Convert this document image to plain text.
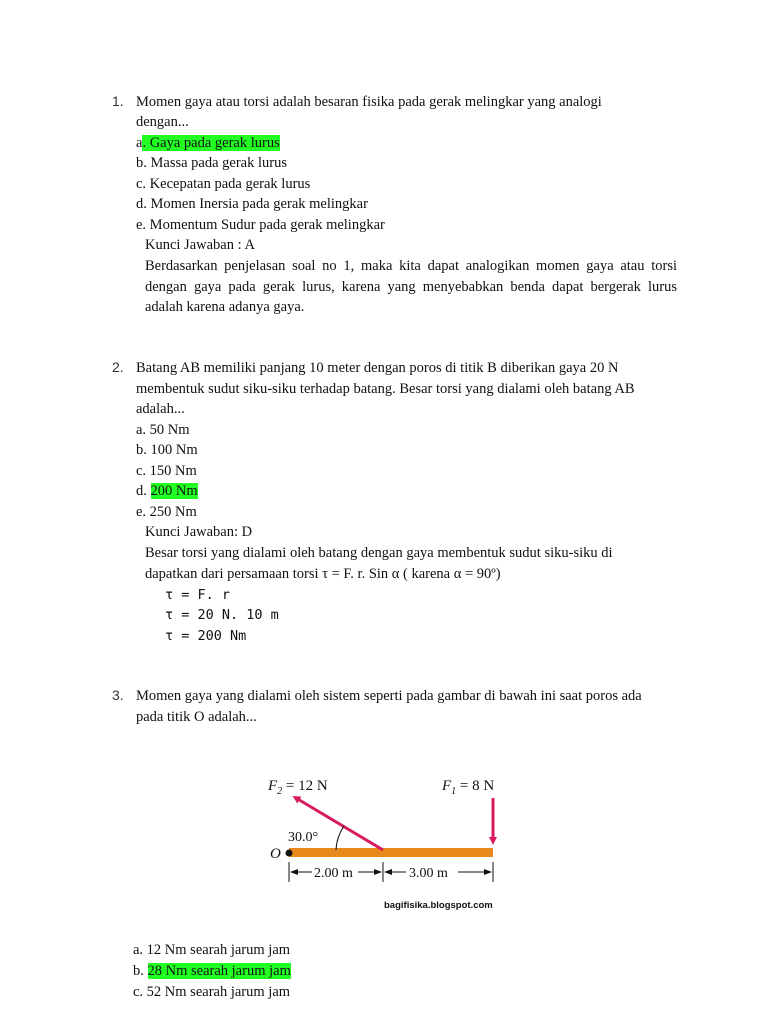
1. Momen gaya atau torsi adalah besaran fisika pada gerak melingkar yang analogi
dengan...
a. Gaya pada gerak lurus
b. Massa pada gerak lurus
c. Kecepatan pada gerak lurus
d. Momen Inersia pada gerak melingkar
e. Momentum Sudur pada gerak melingkar
Kunci Jawaban : A
Berdasarkan penjelasan soal no 1, maka kita dapat analogikan momen gaya atau torsi dengan gaya pada gerak lurus, karena yang menyebabkan benda dapat bergerak lurus adalah karena adanya gaya.
2. Batang AB memiliki panjang 10 meter dengan poros di titik B diberikan gaya 20 N
membentuk sudut siku-siku terhadap batang. Besar torsi yang dialami oleh batang AB
adalah...
a. 50 Nm
b. 100 Nm
c. 150 Nm
d. 200 Nm
e. 250 Nm
Kunci Jawaban: D
Besar torsi yang dialami oleh batang dengan gaya membentuk sudut siku-siku di
dapatkan dari persamaan torsi τ = F. r. Sin α ( karena α = 90º)
τ = F. r
τ = 20 N. 10 m
τ = 200 Nm
3. Momen gaya yang dialami oleh sistem seperti pada gambar di bawah ini saat poros ada
pada titik O adalah...
$F_2 = 12$ N	$F_1 = 8$ N
O
30.0°
2.00 m	3.00 m
bagifisika.blogspot.com
a. 12 Nm searah jarum jam
b. 28 Nm searah jarum jam
c. 52 Nm searah jarum jam
